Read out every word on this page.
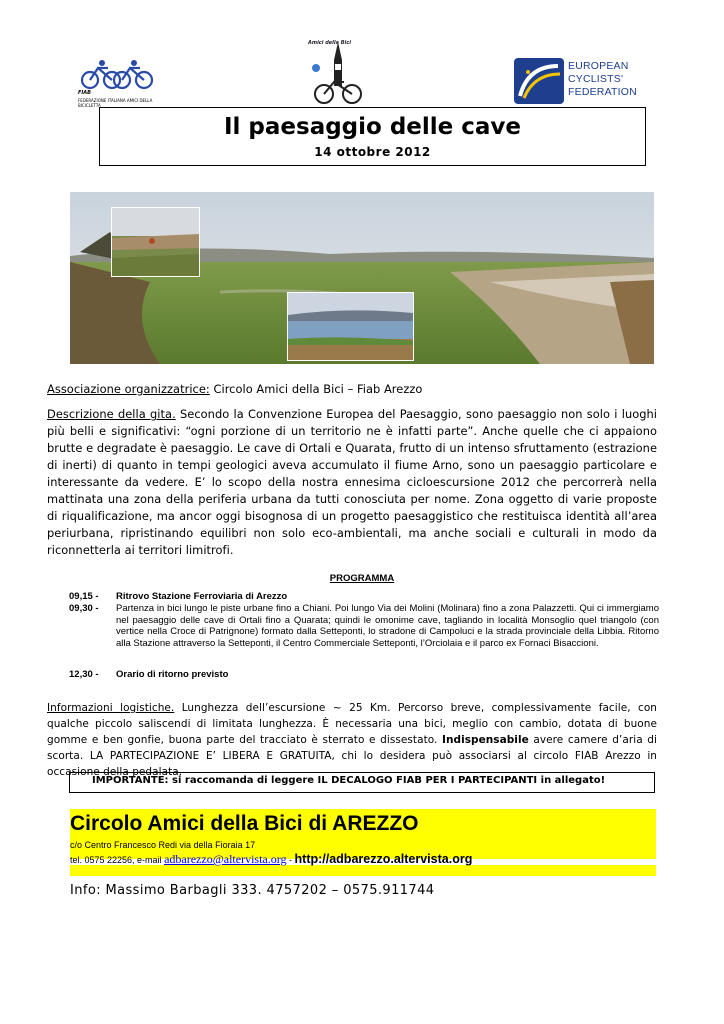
FIAB
FEDERAZIONE ITALIANA AMICI DELLA BICICLETTA
Amici della Bici
EUROPEAN
CYCLISTS'
FEDERATION
Il paesaggio delle cave
14 ottobre 2012
Associazione organizzatrice: Circolo Amici della Bici – Fiab Arezzo
Descrizione della gita. Secondo la Convenzione Europea del Paesaggio, sono paesaggio non solo i luoghi più belli e significativi: “ogni porzione di un territorio ne è infatti parte”. Anche quelle che ci appaiono brutte e degradate è paesaggio. Le cave di Ortali e Quarata, frutto di un intenso sfruttamento (estrazione di inerti) di quanto in tempi geologici aveva accumulato il fiume Arno, sono un paesaggio particolare e interessante da vedere. E’ lo scopo della nostra ennesima cicloescursione 2012 che percorrerà nella mattinata una zona della periferia urbana da tutti conosciuta per nome. Zona oggetto di varie proposte di riqualificazione, ma ancor oggi bisognosa di un progetto paesaggistico che restituisca identità all’area periurbana, ripristinando equilibri non solo eco-ambientali, ma anche sociali e culturali in modo da riconnetterla ai territori limitrofi.
PROGRAMMA
09,15 - Ritrovo Stazione Ferroviaria di Arezzo
09,30 - Partenza in bici lungo le piste urbane fino a Chiani. Poi lungo Via dei Molini (Molinara) fino a zona Palazzetti. Qui ci immergiamo nel paesaggio delle cave di Ortali fino a Quarata; quindi le omonime cave, tagliando in località Monsoglio quel triangolo (con vertice nella Croce di Patrignone) formato dalla Setteponti, lo stradone di Campoluci e la strada provinciale della Libbia. Ritorno alla Stazione attraverso la Setteponti, il Centro Commerciale Setteponti, l’Orciolaia e il parco ex Fornaci Bisaccioni.
12,30 - Orario di ritorno previsto
Informazioni logistiche. Lunghezza dell’escursione ~ 25 Km. Percorso breve, complessivamente facile, con qualche piccolo saliscendi di limitata lunghezza. È necessaria una bici, meglio con cambio, dotata di buone gomme e ben gonfie, buona parte del tracciato è sterrato e dissestato. Indispensabile avere camere d’aria di scorta. LA PARTECIPAZIONE E’ LIBERA E GRATUITA, chi lo desidera può associarsi al circolo FIAB Arezzo in occasione della pedalata.
IMPORTANTE: si raccomanda di leggere IL DECALOGO FIAB PER I PARTECIPANTI in allegato!
Circolo Amici della Bici di AREZZO
c/o Centro Francesco Redi via della Fioraia 17
tel. 0575 22256, e-mail adbarezzo@altervista.org - http://adbarezzo.altervista.org
Info: Massimo Barbagli 333. 4757202 – 0575.911744
